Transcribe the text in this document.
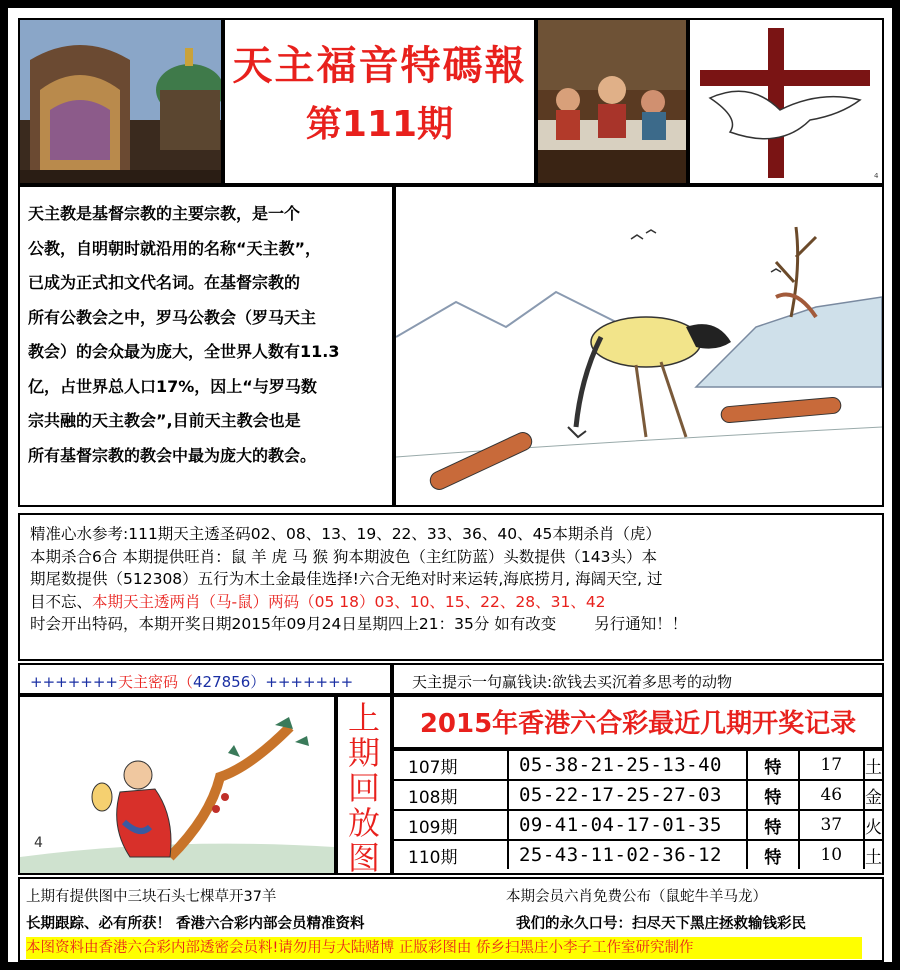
天主福音特碼報
第111期
4
天主教是基督宗教的主要宗教，是一个
公教，自明朝时就沿用的名称“天主教”，
已成为正式扣文代名词。在基督宗教的
所有公教会之中，罗马公教会（罗马天主
教会）的会众最为庞大，全世界人数有11.3
亿，占世界总人口17%，因上“与罗马数
宗共融的天主教会”,目前天主教会也是
所有基督宗教的教会中最为庞大的教会。
精准心水参考:111期天主透圣码02、08、13、19、22、33、36、40、45本期杀肖（虎）
本期杀合6合 本期提供旺肖：鼠 羊 虎 马 猴 狗本期波色（主红防蓝）头数提供（143头）本
期尾数提供（512308）五行为木土金最佳选择!六合无绝对时来运转,海底捞月, 海阔天空, 过
目不忘、本期天主透两肖（马-鼠）两码（05 18）03、10、15、22、28、31、42
时会开出特码，本期开奖日期2015年09月24日星期四上21：35分 如有改变 另行通知！！
+++++++天主密码（427856）+++++++	天主提示一句赢钱诀:欲钱去买沉着多思考的动物
4
上
期
回
放
图
2015年香港六合彩最近几期开奖记录
107期	05-38-21-25-13-40	特	17	土
108期	05-22-17-25-27-03	特	46	金
109期	09-41-04-17-01-35	特	37	火
110期	25-43-11-02-36-12	特	10	土
上期有提供图中三块石头七棵草开37羊	本期会员六肖免费公布（鼠蛇牛羊马龙）
长期跟踪、必有所获！ 香港六合彩内部会员精准资料	我们的永久口号：扫尽天下黑庄拯救输钱彩民
本图资料由香港六合彩内部透密会员料!请勿用与大陆赌博 正版彩图由 侨乡扫黑庄小李子工作室研究制作
